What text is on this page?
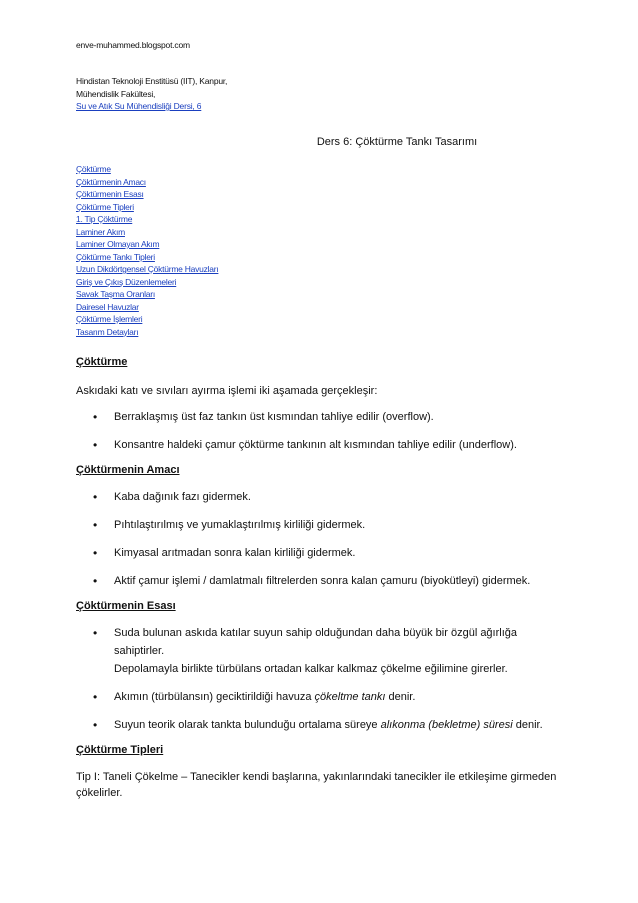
enve-muhammed.blogspot.com
Hindistan Teknoloji Enstitüsü (IIT), Kanpur,
Mühendislik Fakültesi,
Su ve Atık Su Mühendisliği Dersi, 6
Ders 6: Çöktürme Tankı Tasarımı
Çöktürme
Çöktürmenin Amacı
Çöktürmenin Esası
Çöktürme Tipleri
1. Tip Çöktürme
Laminer Akım
Laminer Olmayan Akım
Çöktürme Tankı Tipleri
Uzun Dikdörtgensel Çöktürme Havuzları
Giriş ve Çıkış Düzenlemeleri
Savak Taşma Oranları
Dairesel Havuzlar
Çöktürme İşlemleri
Tasarım Detayları

Çöktürme

Askıdaki katı ve sıvıları ayırma işlemi iki aşamada gerçekleşir:

• Berraklaşmış üst faz tankın üst kısmından tahliye edilir (overflow).
• Konsantre haldeki çamur çöktürme tankının alt kısmından tahliye edilir (underflow).

Çöktürmenin Amacı

• Kaba dağınık fazı gidermek.
• Pıhtılaştırılmış ve yumaklaştırılmış kirliliği gidermek.
• Kimyasal arıtmadan sonra kalan kirliliği gidermek.
• Aktif çamur işlemi / damlatmalı filtrelerden sonra kalan çamuru (biyokütleyi) gidermek.

Çöktürmenin Esası

• Suda bulunan askıda katılar suyun sahip olduğundan daha büyük bir özgül ağırlığa sahiptirler.
Depolamayla birlikte türbülans ortadan kalkar kalkmaz çökelme eğilimine girerler.
• Akımın (türbülansın) geciktirildiği havuza çökeltme tankı denir.
• Suyun teorik olarak tankta bulunduğu ortalama süreye alıkonma (bekletme) süresi denir.

Çöktürme Tipleri

Tip I: Taneli Çökelme – Tanecikler kendi başlarına, yakınlarındaki tanecikler ile etkileşime girmeden

çökelirler.
